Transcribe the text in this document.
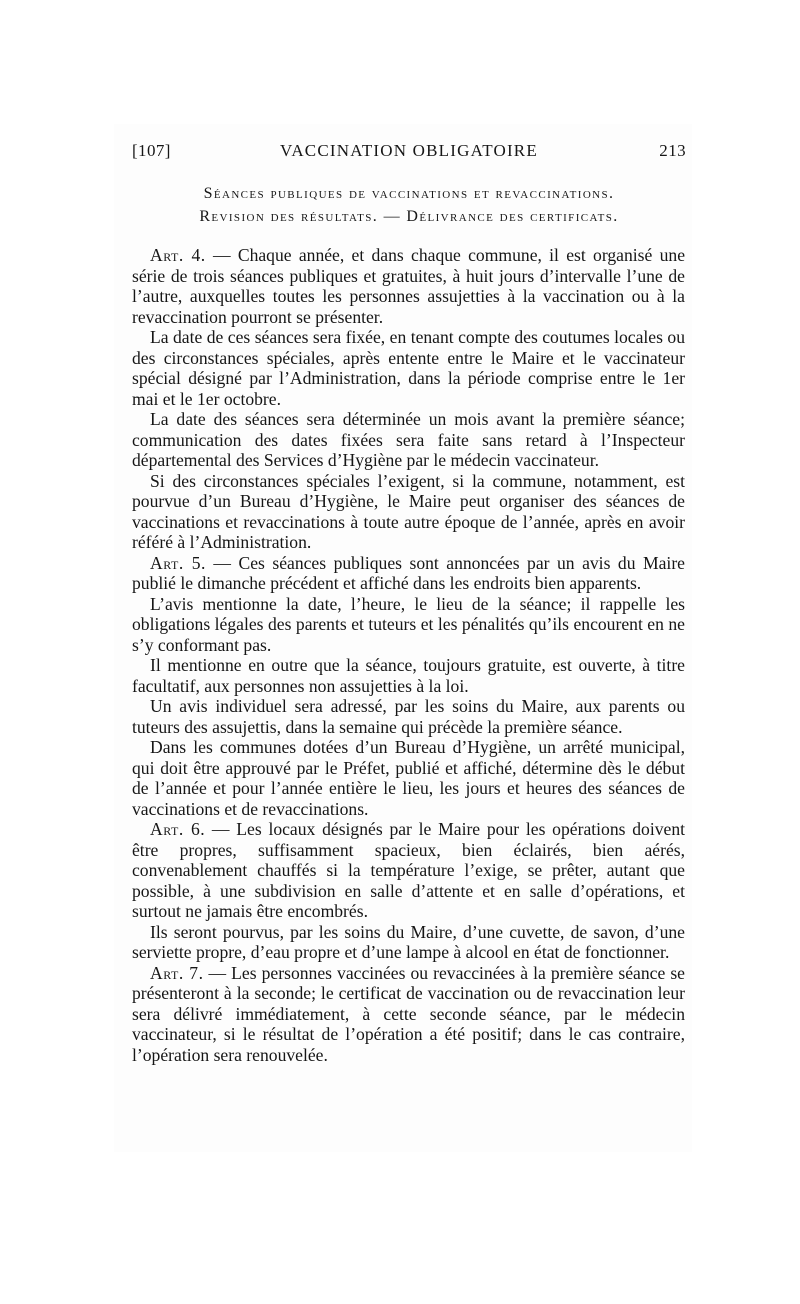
[107]	VACCINATION OBLIGATOIRE	213
Séances publiques de vaccinations et revaccinations.
Revision des résultats. — Délivrance des certificats.

Art. 4. — Chaque année, et dans chaque commune, il est organisé une série de trois séances publiques et gratuites, à huit jours d’intervalle l’une de l’autre, auxquelles toutes les personnes assujetties à la vaccination ou à la revaccination pourront se présenter.

La date de ces séances sera fixée, en tenant compte des coutumes locales ou des circonstances spéciales, après entente entre le Maire et le vaccinateur spécial désigné par l’Administration, dans la période comprise entre le 1er mai et le 1er octobre.

La date des séances sera déterminée un mois avant la première séance; communication des dates fixées sera faite sans retard à l’Inspecteur départemental des Services d’Hygiène par le médecin vaccinateur.

Si des circonstances spéciales l’exigent, si la commune, notamment, est pourvue d’un Bureau d’Hygiène, le Maire peut organiser des séances de vaccinations et revaccinations à toute autre époque de l’année, après en avoir référé à l’Administration.

Art. 5. — Ces séances publiques sont annoncées par un avis du Maire publié le dimanche précédent et affiché dans les endroits bien apparents.

L’avis mentionne la date, l’heure, le lieu de la séance; il rappelle les obligations légales des parents et tuteurs et les pénalités qu’ils encourent en ne s’y conformant pas.

Il mentionne en outre que la séance, toujours gratuite, est ouverte, à titre facultatif, aux personnes non assujetties à la loi.

Un avis individuel sera adressé, par les soins du Maire, aux parents ou tuteurs des assujettis, dans la semaine qui précède la première séance.

Dans les communes dotées d’un Bureau d’Hygiène, un arrêté municipal, qui doit être approuvé par le Préfet, publié et affiché, détermine dès le début de l’année et pour l’année entière le lieu, les jours et heures des séances de vaccinations et de revaccinations.

Art. 6. — Les locaux désignés par le Maire pour les opérations doivent être propres, suffisamment spacieux, bien éclairés, bien aérés, convenablement chauffés si la température l’exige, se prêter, autant que possible, à une subdivision en salle d’attente et en salle d’opérations, et surtout ne jamais être encombrés.

Ils seront pourvus, par les soins du Maire, d’une cuvette, de savon, d’une serviette propre, d’eau propre et d’une lampe à alcool en état de fonctionner.

Art. 7. — Les personnes vaccinées ou revaccinées à la première séance se présenteront à la seconde; le certificat de vaccination ou de revaccination leur sera délivré immédiatement, à cette seconde séance, par le médecin vaccinateur, si le résultat de l’opération a été positif; dans le cas contraire, l’opération sera renouvelée.
